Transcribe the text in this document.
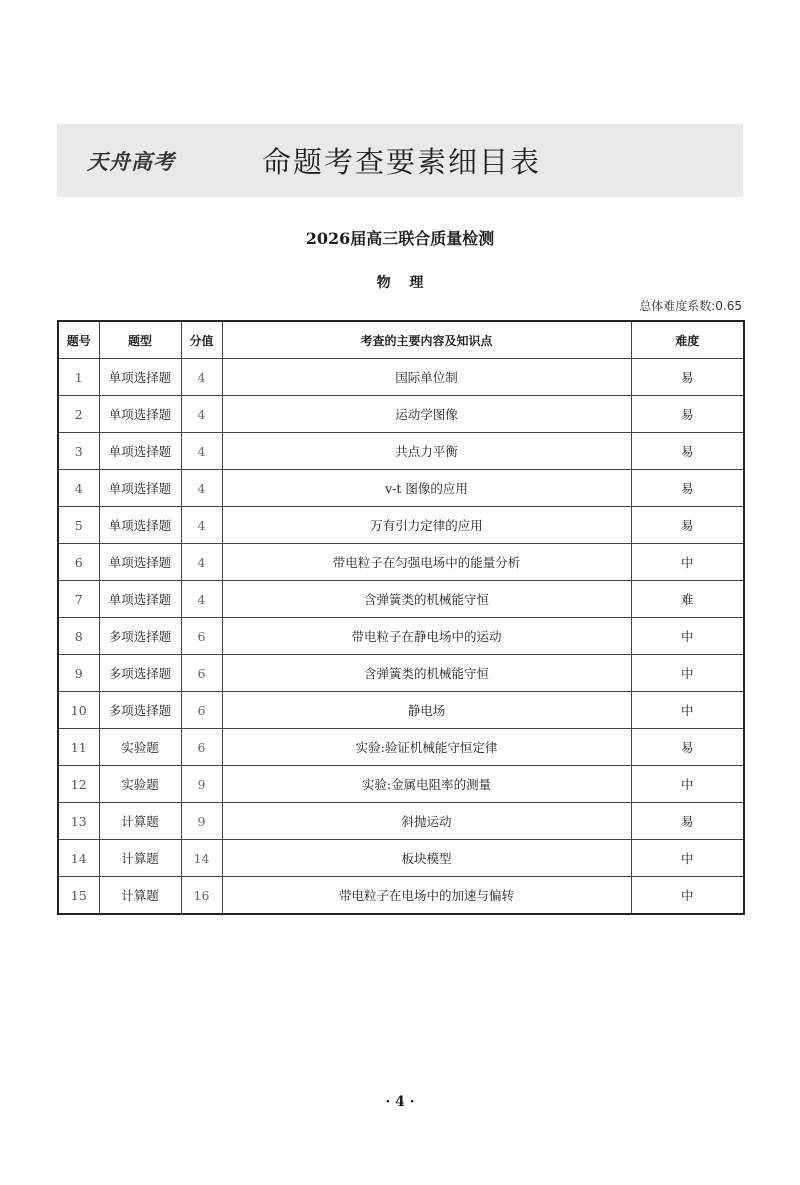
天舟高考	命题考查要素细目表
2026届高三联合质量检测
物 理
总体难度系数:0.65
题号	题型	分值	考查的主要内容及知识点	难度
1	单项选择题	4	国际单位制	易
2	单项选择题	4	运动学图像	易
3	单项选择题	4	共点力平衡	易
4	单项选择题	4	v-t 图像的应用	易
5	单项选择题	4	万有引力定律的应用	易
6	单项选择题	4	带电粒子在匀强电场中的能量分析	中
7	单项选择题	4	含弹簧类的机械能守恒	难
8	多项选择题	6	带电粒子在静电场中的运动	中
9	多项选择题	6	含弹簧类的机械能守恒	中
10	多项选择题	6	静电场	中
11	实验题	6	实验:验证机械能守恒定律	易
12	实验题	9	实验:金属电阻率的测量	中
13	计算题	9	斜抛运动	易
14	计算题	14	板块模型	中
15	计算题	16	带电粒子在电场中的加速与偏转	中
· 4 ·
